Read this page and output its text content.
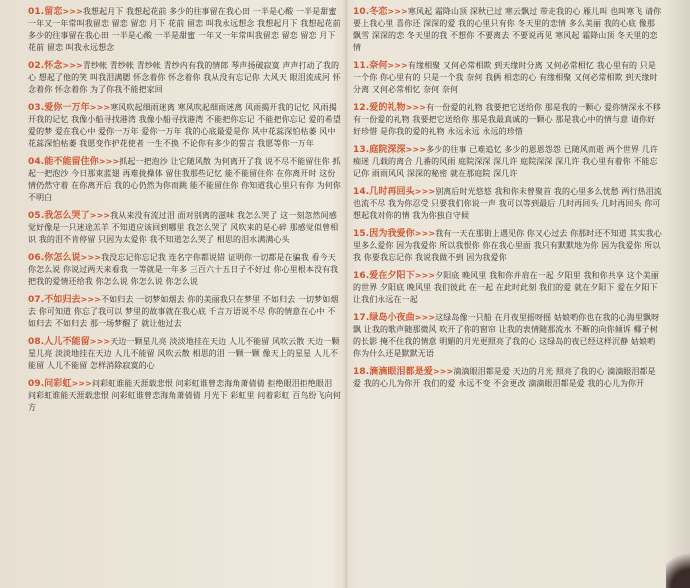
01.留恋>>>我想起月下 我想起花前 多少的往事留在我心田 一半是心酸 一半是甜蜜 一年又一年常叫我留恋 留恋 留恋 月下 花前 留恋 叫我永远想念 我想起月下 我想起花前 多少的往事留在我心田 一半是心酸 一半是甜蜜 一年又一年常叫我留恋 留恋 留恋 月下 花前 留恋 叫我永远想念
02.怀念>>>青纱帐 青纱帐 青纱帐 青纱内有我的情郎 琴声扬破寂寞 声声打动了我的心 想起了他的笑 叫我泪满腮 怀念着你 怀念着你 我从没有忘记你 大风天 眼泪流成河 怀念着你 怀念着你 为了你我不能把家回
03.爱你一万年>>>寒风吹起细雨迷离 寒风吹起细雨迷离 风雨揭开我的记忆 风雨揭开我的记忆 我像小船寻找港湾 我像小船寻找港湾 不能把你忘记 不能把你忘记 爱的希望爱的梦 爱在我心中 爱你一万年 爱你一万年 我的心底最爱是你 风中花蕊深怕枯萎 风中花蕊深怕枯萎 我愿变作护花使者 一生不换 不论你有多少的誓言 我愿等你一万年
04.能不能留住你>>>抓起一把泡沙 让它随风散 为何离开了我 说不尽不能留住你 抓起一把泡沙 今日那束蓝翅 再难拢操体 留住我那些记忆 能不能留住你 在你离开时 这份情仍然守着 在你离开后 我的心仍然为你而跳 能不能留住你 你知道我心里只有你 为何你不明白
05.我怎么哭了>>>我从来没有流过泪 面对别离的滋味 我怎么哭了 这一刻忽然间感觉好像是一只迷途羔羊 不知道应该回到哪里 我怎么哭了 风吹来的是心碎 那感觉似曾相识 我的泪不肯停留 只因为太爱你 我不知道怎么哭了 相思的泪水满满心头
06.你怎么说>>>我没忘记你忘记我 连名字你都说错 证明你一切都是在骗我 看今天你怎么说 你说过两天来看我 一等就是一年多 三百六十五日子不好过 你心里根本没有我 把我的爱情还给我 你怎么说 你怎么说 你怎么说
07.不如归去>>>不如归去 一切梦如烟去 你的美丽我只在梦里 不如归去 一切梦如烟去 你可知道 你忘了我可以 梦里的故事就在我心底 千言万语说不尽 你的情意在心中 不如归去 不如归去 那一场梦醒了 就让他过去
08.人儿不能留>>>天边一颗星儿亮 淡淡地挂在天边 人儿不能留 风吹云散 天边一颗星儿亮 淡淡地挂在天边 人儿不能留 风吹云散 相思的泪 一颗一颗 像天上的星星 人儿不能留 人儿不能留 怎样消除寂寞的心
09.问彩虹>>>问彩虹谁能天涯载悲恨 问彩虹谁曾恋海角萧倩倩 拒绝眼泪拒绝眼泪 问彩虹谁能天涯载悲恨 问彩虹谁曾恋海角萧倩倩 月光下 彩虹里 问着彩虹 百鸟纷飞向何方
10.冬恋>>>寒风起 霜降山顶 深秋已过 寒云飘过 带走我的心 雁儿叫 也叫寒飞 请你要上我心里 喜你还 深深的爱 我的心里只有你 冬天里的恋情 多么美丽 我的心底 像那飘雪 深深的恋 冬天里的我 不想你 不要离去 不要说再见 寒风起 霜降山顶 冬天里的恋情
11.奈何>>>有缘相聚 又何必常相欺 到天缘时分离 又何必常相忆 我心里有的 只是一个你 你心里有的 只是一个我 奈何 我俩 相恋的心 有缘相聚 又何必常相欺 到天缘时分离 又何必常相忆 奈何 奈何
12.爱的礼物>>>有一份爱的礼物 我要把它送给你 那是我的一颗心 爱你情深永不移 有一份爱的礼物 我要把它送给你 那是我最真诚的一颗心 那是我心中的情与意 请你好好珍惜 是你我的爱的礼物 永远永远 永远的珍惜
13.庭院深深>>>多少的往事 已难追忆 多少的恩恩怨怨 已随风而逝 两个世界 几许痴迷 几载的离合 几番的风雨 庭院深深 深几许 庭院深深 深几许 我心里有着你 不能忘记你 雨雨风风 深深的秘密 就在那庭院 深几许
14.几时再回头>>>别离后时光悠悠 我和你未曾聚首 我的心里多么忧愁 两行热泪流也流不尽 我为你忍受 只要我们你说一声 我可以等到最后 几时再回头 几时再回头 你可想起我对你的情 我为你独自守候
15.因为我爱你>>>我有一天在那街上遇见你 你又心过去 你那时还不知道 其实我心里多么爱你 因为我爱你 所以我恨你 你在我心里面 我只有默默地为你 因为我爱你 所以我 你要我忘记你 我说我做不到 因为我爱你
16.爱在夕阳下>>>夕阳底 晚风里 我和你并肩在一起 夕阳里 我和你共享 这个美丽的世界 夕阳底 晚风里 我们彼此 在一起 在此时此刻 我们的爱 就在夕阳下 爱在夕阳下 让我们永远在一起
17.绿岛小夜曲>>>这绿岛像一只船 在月夜里摇呀摇 姑娘哟你也在我的心海里飘呀飘 让我的歌声随那微风 吹开了你的窗帘 让我的衷情随那流水 不断的向你倾诉 椰子树的长影 掩不住我的情意 明媚的月光更照亮了我的心 这绿岛的夜已经这样沉静 姑娘哟你为什么还是默默无语
18.滴滴眼泪都是爱>>>滴滴眼泪都是爱 天边的月光 照亮了我的心 滴滴眼泪都是爱 我的心儿为你开 我们的爱 永远不变 不会更改 滴滴眼泪都是爱 我的心儿为你开
